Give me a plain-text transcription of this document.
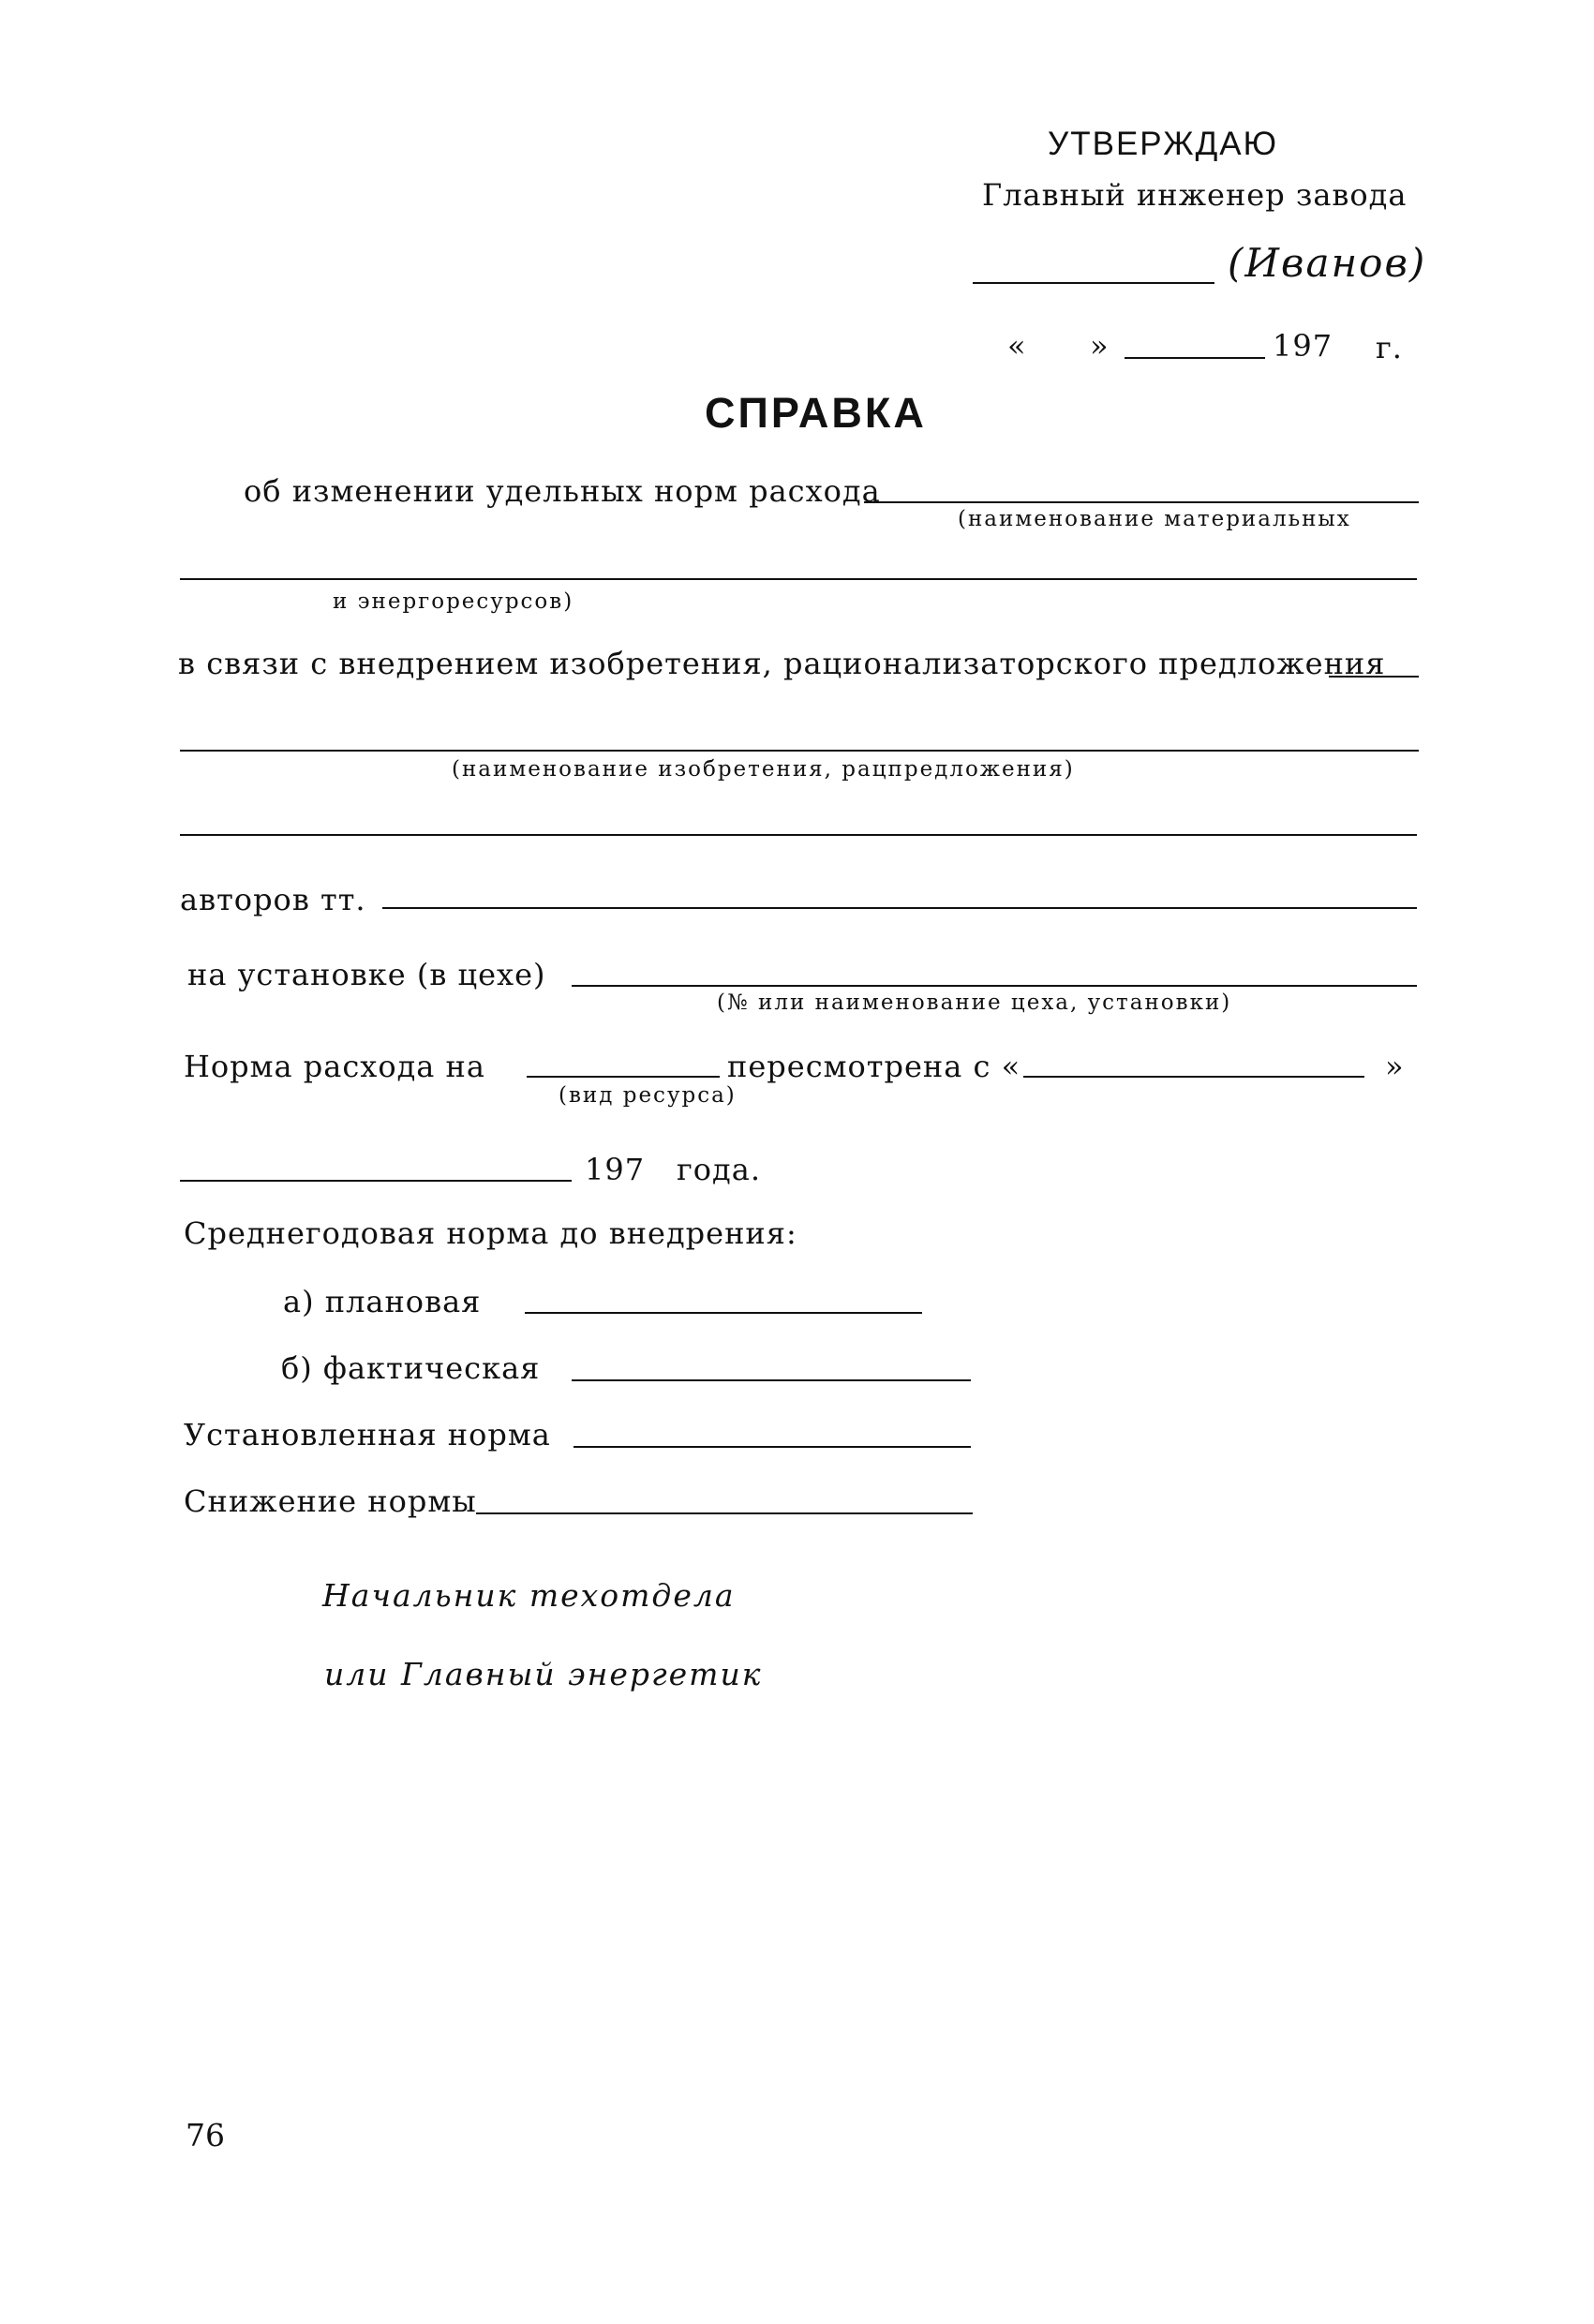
УТВЕРЖДАЮ
Главный инженер завода
(Иванов)
« »	197 г.
СПРАВКА
об изменении удельных норм расхода
(наименование материальных
и энергоресурсов)
в связи с внедрением изобретения, рационализаторского предложения
(наименование изобретения, рацпредложения)
авторов тт.
на установке (в цехе)
(№ или наименование цеха, установки)
Норма расхода на
(вид ресурса)
пересмотрена с «	»
197 года.
Среднегодовая норма до внедрения:
а) плановая
б) фактическая
Установленная норма
Снижение нормы
Начальник техотдела
или Главный энергетик
76
